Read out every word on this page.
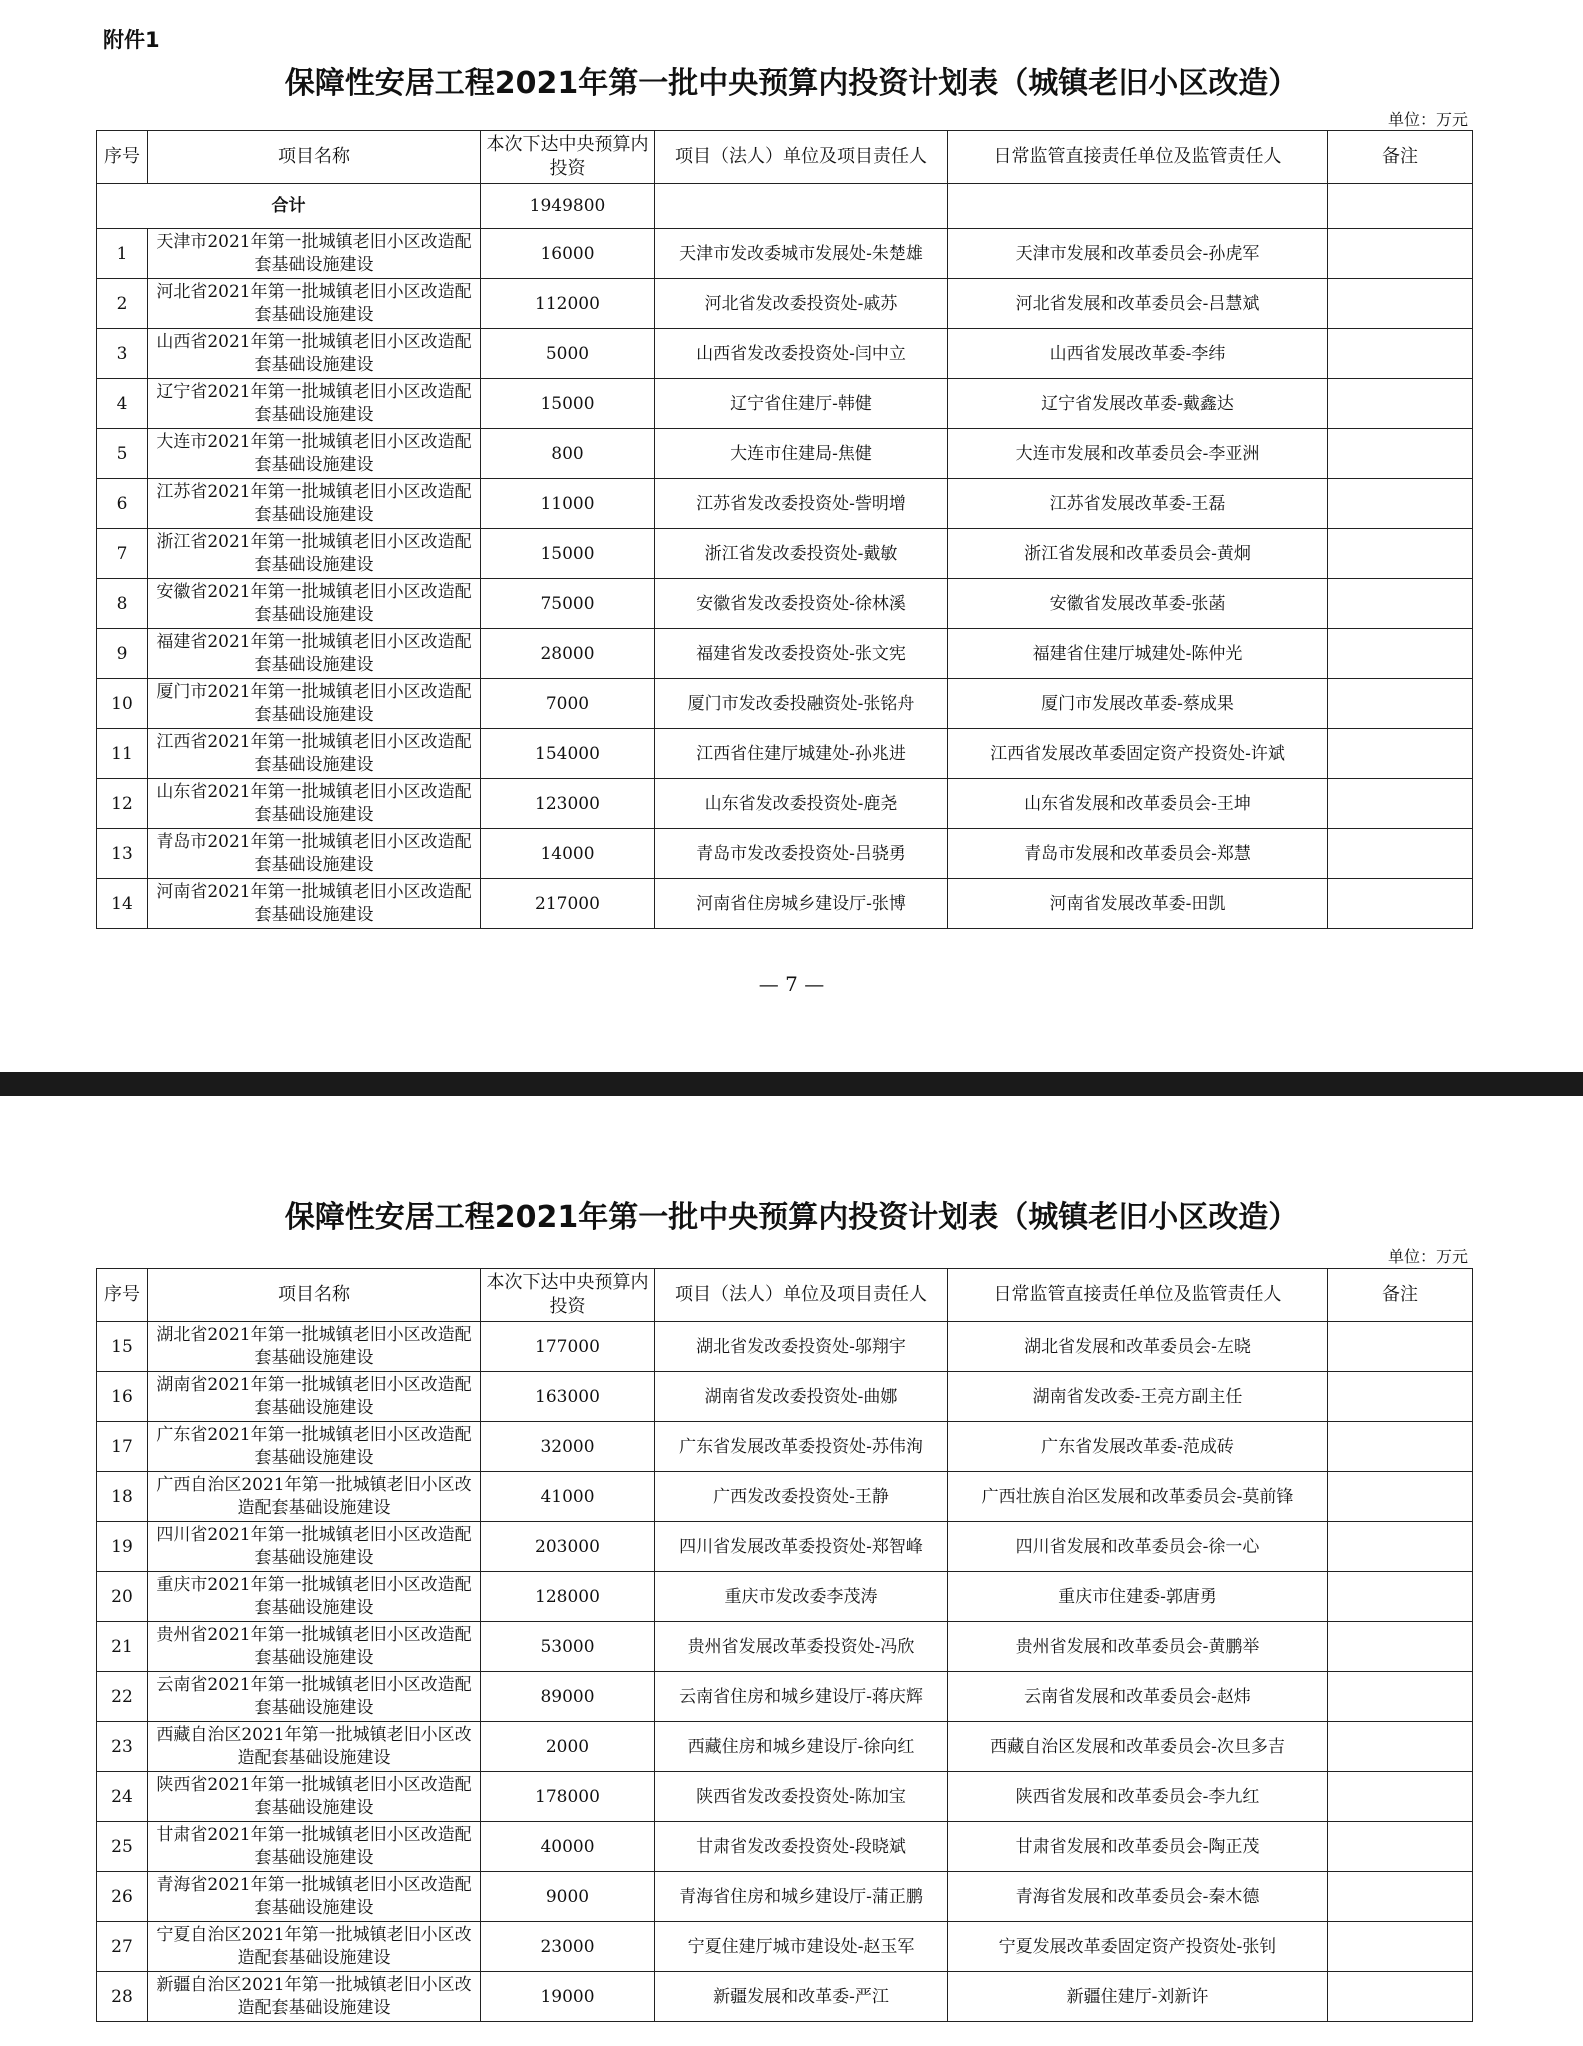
附件1
保障性安居工程2021年第一批中央预算内投资计划表（城镇老旧小区改造）
单位：万元
序号	项目名称	本次下达中央预算内投资	项目（法人）单位及项目责任人	日常监管直接责任单位及监管责任人	备注
合计		1949800			
1	天津市2021年第一批城镇老旧小区改造配套基础设施建设	16000	天津市发改委城市发展处-朱楚雄	天津市发展和改革委员会-孙虎军	
2	河北省2021年第一批城镇老旧小区改造配套基础设施建设	112000	河北省发改委投资处-戚苏	河北省发展和改革委员会-吕慧斌	
3	山西省2021年第一批城镇老旧小区改造配套基础设施建设	5000	山西省发改委投资处-闫中立	山西省发展改革委-李纬	
4	辽宁省2021年第一批城镇老旧小区改造配套基础设施建设	15000	辽宁省住建厅-韩健	辽宁省发展改革委-戴鑫达	
5	大连市2021年第一批城镇老旧小区改造配套基础设施建设	800	大连市住建局-焦健	大连市发展和改革委员会-李亚洲	
6	江苏省2021年第一批城镇老旧小区改造配套基础设施建设	11000	江苏省发改委投资处-訾明增	江苏省发展改革委-王磊	
7	浙江省2021年第一批城镇老旧小区改造配套基础设施建设	15000	浙江省发改委投资处-戴敏	浙江省发展和改革委员会-黄炯	
8	安徽省2021年第一批城镇老旧小区改造配套基础设施建设	75000	安徽省发改委投资处-徐林溪	安徽省发展改革委-张菡	
9	福建省2021年第一批城镇老旧小区改造配套基础设施建设	28000	福建省发改委投资处-张文宪	福建省住建厅城建处-陈仲光	
10	厦门市2021年第一批城镇老旧小区改造配套基础设施建设	7000	厦门市发改委投融资处-张铭舟	厦门市发展改革委-蔡成果	
11	江西省2021年第一批城镇老旧小区改造配套基础设施建设	154000	江西省住建厅城建处-孙兆进	江西省发展改革委固定资产投资处-许斌	
12	山东省2021年第一批城镇老旧小区改造配套基础设施建设	123000	山东省发改委投资处-鹿尧	山东省发展和改革委员会-王坤	
13	青岛市2021年第一批城镇老旧小区改造配套基础设施建设	14000	青岛市发改委投资处-吕骁勇	青岛市发展和改革委员会-郑慧	
14	河南省2021年第一批城镇老旧小区改造配套基础设施建设	217000	河南省住房城乡建设厅-张博	河南省发展改革委-田凯	
— 7 —
保障性安居工程2021年第一批中央预算内投资计划表（城镇老旧小区改造）
单位：万元
序号	项目名称	本次下达中央预算内投资	项目（法人）单位及项目责任人	日常监管直接责任单位及监管责任人	备注
15	湖北省2021年第一批城镇老旧小区改造配套基础设施建设	177000	湖北省发改委投资处-邬翔宇	湖北省发展和改革委员会-左晓	
16	湖南省2021年第一批城镇老旧小区改造配套基础设施建设	163000	湖南省发改委投资处-曲娜	湖南省发改委-王亮方副主任	
17	广东省2021年第一批城镇老旧小区改造配套基础设施建设	32000	广东省发展改革委投资处-苏伟洵	广东省发展改革委-范成砖	
18	广西自治区2021年第一批城镇老旧小区改造配套基础设施建设	41000	广西发改委投资处-王静	广西壮族自治区发展和改革委员会-莫前锋	
19	四川省2021年第一批城镇老旧小区改造配套基础设施建设	203000	四川省发展改革委投资处-郑智峰	四川省发展和改革委员会-徐一心	
20	重庆市2021年第一批城镇老旧小区改造配套基础设施建设	128000	重庆市发改委李茂涛	重庆市住建委-郭唐勇	
21	贵州省2021年第一批城镇老旧小区改造配套基础设施建设	53000	贵州省发展改革委投资处-冯欣	贵州省发展和改革委员会-黄鹏举	
22	云南省2021年第一批城镇老旧小区改造配套基础设施建设	89000	云南省住房和城乡建设厅-蒋庆辉	云南省发展和改革委员会-赵炜	
23	西藏自治区2021年第一批城镇老旧小区改造配套基础设施建设	2000	西藏住房和城乡建设厅-徐向红	西藏自治区发展和改革委员会-次旦多吉	
24	陕西省2021年第一批城镇老旧小区改造配套基础设施建设	178000	陕西省发改委投资处-陈加宝	陕西省发展和改革委员会-李九红	
25	甘肃省2021年第一批城镇老旧小区改造配套基础设施建设	40000	甘肃省发改委投资处-段晓斌	甘肃省发展和改革委员会-陶正茂	
26	青海省2021年第一批城镇老旧小区改造配套基础设施建设	9000	青海省住房和城乡建设厅-蒲正鹏	青海省发展和改革委员会-秦木德	
27	宁夏自治区2021年第一批城镇老旧小区改造配套基础设施建设	23000	宁夏住建厅城市建设处-赵玉军	宁夏发展改革委固定资产投资处-张钊	
28	新疆自治区2021年第一批城镇老旧小区改造配套基础设施建设	19000	新疆发展和改革委-严江	新疆住建厅-刘新许	
